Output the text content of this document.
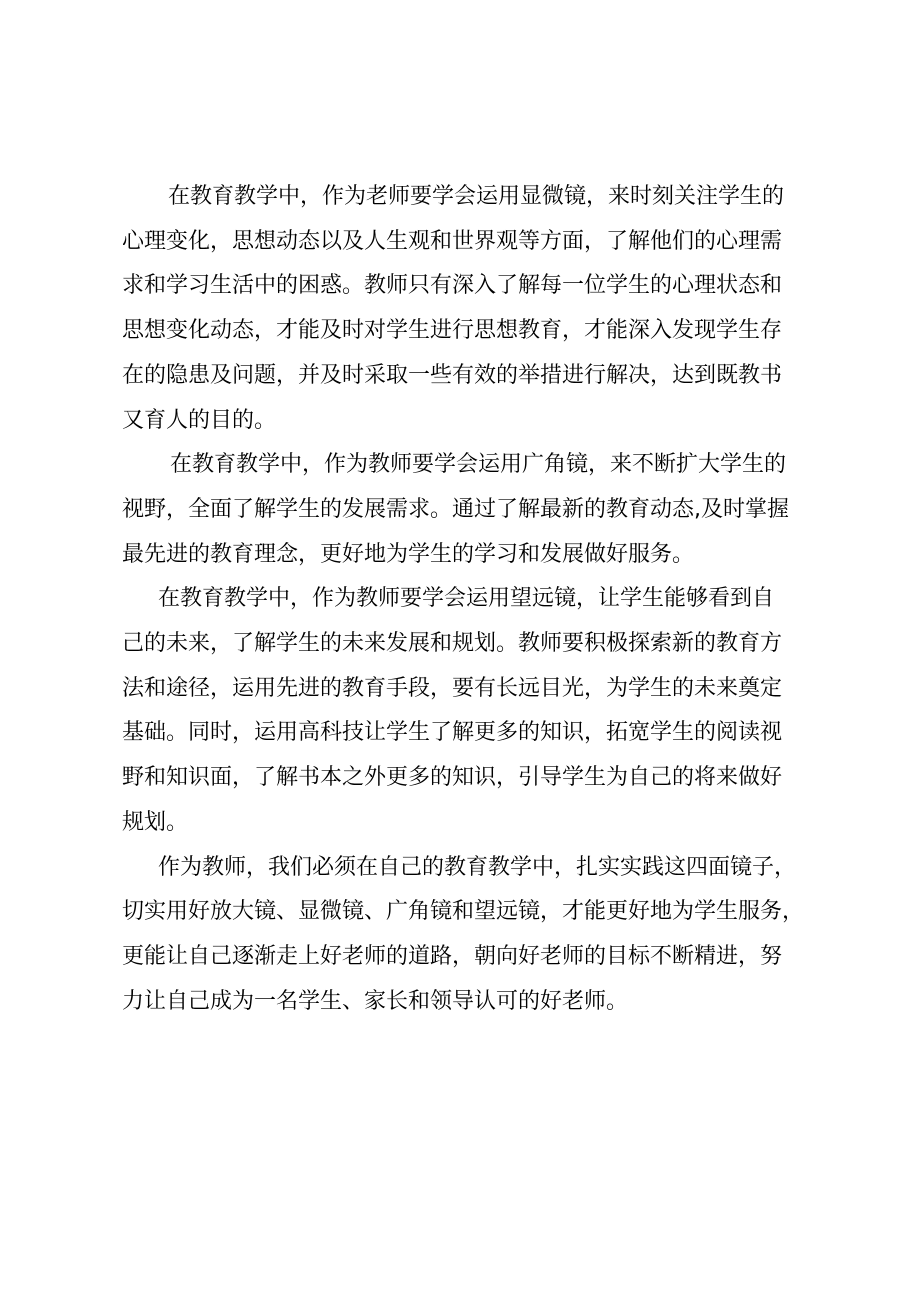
在教育教学中，作为老师要学会运用显微镜，来时刻关注学生的
心理变化，思想动态以及人生观和世界观等方面，了解他们的心理需
求和学习生活中的困惑。教师只有深入了解每一位学生的心理状态和
思想变化动态，才能及时对学生进行思想教育，才能深入发现学生存
在的隐患及问题，并及时采取一些有效的举措进行解决，达到既教书
又育人的目的。

在教育教学中，作为教师要学会运用广角镜，来不断扩大学生的
视野，全面了解学生的发展需求。通过了解最新的教育动态,及时掌握
最先进的教育理念，更好地为学生的学习和发展做好服务。

在教育教学中，作为教师要学会运用望远镜，让学生能够看到自
己的未来，了解学生的未来发展和规划。教师要积极探索新的教育方
法和途径，运用先进的教育手段，要有长远目光，为学生的未来奠定
基础。同时，运用高科技让学生了解更多的知识，拓宽学生的阅读视
野和知识面，了解书本之外更多的知识，引导学生为自己的将来做好
规划。

作为教师，我们必须在自己的教育教学中，扎实实践这四面镜子，
切实用好放大镜、显微镜、广角镜和望远镜，才能更好地为学生服务，
更能让自己逐渐走上好老师的道路，朝向好老师的目标不断精进，努
力让自己成为一名学生、家长和领导认可的好老师。
